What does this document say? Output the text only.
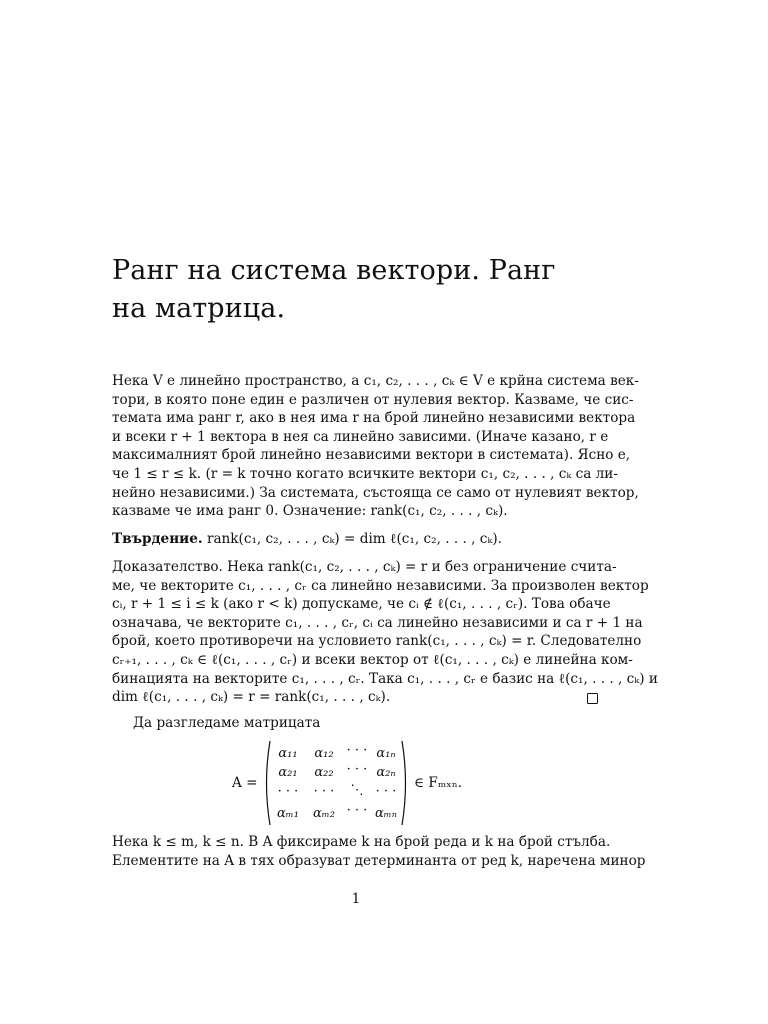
Ранг на система вектори. Ранг
на матрица.
Нека V е линейно пространство, а c₁, c₂, . . . , cₖ ∈ V е крйна система век-
тори, в която поне един е различен от нулевия вектор. Казваме, че сис-
темата има ранг r, ако в нея има r на брой линейно независими вектора
и всеки r + 1 вектора в нея са линейно зависими. (Иначе казано, r е
максималният брой линейно независими вектори в системата). Ясно е,
че 1 ≤ r ≤ k. (r = k точно когато всичките вектори c₁, c₂, . . . , cₖ са ли-
нейно независими.) За системата, състояща се само от нулевият вектор,
казваме че има ранг 0. Означение: rank(c₁, c₂, . . . , cₖ).
Твърдение. rank(c₁, c₂, . . . , cₖ) = dim ℓ(c₁, c₂, . . . , cₖ).
Доказателство. Нека rank(c₁, c₂, . . . , cₖ) = r и без ограничение счита-
ме, че векторите c₁, . . . , cᵣ са линейно независими. За произволен вектор
cᵢ, r + 1 ≤ i ≤ k (ако r < k) допускаме, че cᵢ ∉ ℓ(c₁, . . . , cᵣ). Това обаче
означава, че векторите c₁, . . . , cᵣ, cᵢ са линейно независими и са r + 1 на
брой, което противоречи на условието rank(c₁, . . . , cₖ) = r. Следователно
cᵣ₊₁, . . . , cₖ ∈ ℓ(c₁, . . . , cᵣ) и всеки вектор от ℓ(c₁, . . . , cₖ) е линейна ком-
бинацията на векторите c₁, . . . , cᵣ. Така c₁, . . . , cᵣ е базис на ℓ(c₁, . . . , cₖ) и
dim ℓ(c₁, . . . , cₖ) = r = rank(c₁, . . . , cₖ).
Да разгледаме матрицата
A =
α₁₁	α₁₂	· · · α₁ₙ
α₂₁	α₂₂	· · · α₂ₙ
· · ·	· · ·	⋱ · · ·
αₘ₁	αₘ₂ · · · αₘₙ
∈ Fₘₓₙ.
Нека k ≤ m, k ≤ n. В A фиксираме k на брой реда и k на брой стълба.
Елементите на A в тях образуват детерминанта от ред k, наречена минор
1
